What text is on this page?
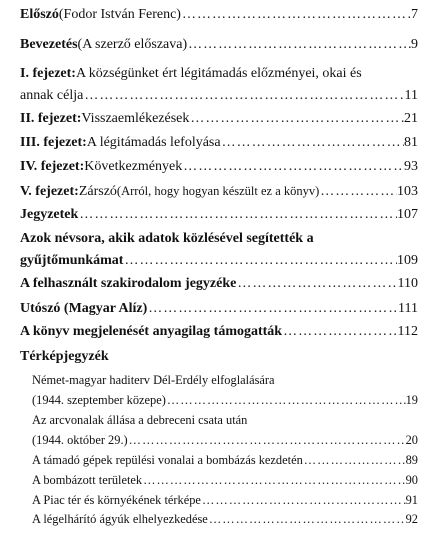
Előszó (Fodor István Ferenc) ……………………………………………………………………………………………………………………………………………………	7
Bevezetés (A szerző előszava) ……………………………………………………………………………………………………………………………………………………	9
I. fejezet: A községünket ért légitámadás előzményei, okai és
annak célja ……………………………………………………………………………………………………………………………………………………	11
II. fejezet: Visszaemlékezések ……………………………………………………………………………………………………………………………………………………	21
III. fejezet: A légitámadás lefolyása ……………………………………………………………………………………………………………………………………………………	81
IV. fejezet: Következmények ……………………………………………………………………………………………………………………………………………………	93
V. fejezet: Zárszó (Arról, hogy hogyan készült ez a könyv) ……………………………………………………………………………………………………………………………………………………	103
Jegyzetek ……………………………………………………………………………………………………………………………………………………	107
Azok névsora, akik adatok közlésével segítették a
gyűjtőmunkámat ……………………………………………………………………………………………………………………………………………………	109
A felhasznált szakirodalom jegyzéke ……………………………………………………………………………………………………………………………………………………	110
Utószó (Magyar Alíz) ……………………………………………………………………………………………………………………………………………………	111
A könyv megjelenését anyagilag támogatták ……………………………………………………………………………………………………………………………………………………	112
Térképjegyzék
Német-magyar haditerv Dél-Erdély elfoglalására
(1944. szeptember közepe) ……………………………………………………………………………………………………………………………………………………	19
Az arcvonalak állása a debreceni csata után
(1944. október 29.) ……………………………………………………………………………………………………………………………………………………	20
A támadó gépek repülési vonalai a bombázás kezdetén ……………………………………………………………………………………………………………………………………………………	89
A bombázott területek ……………………………………………………………………………………………………………………………………………………	90
A Piac tér és környékének térképe ……………………………………………………………………………………………………………………………………………………	91
A légelhárító ágyúk elhelyezkedése ……………………………………………………………………………………………………………………………………………………	92
